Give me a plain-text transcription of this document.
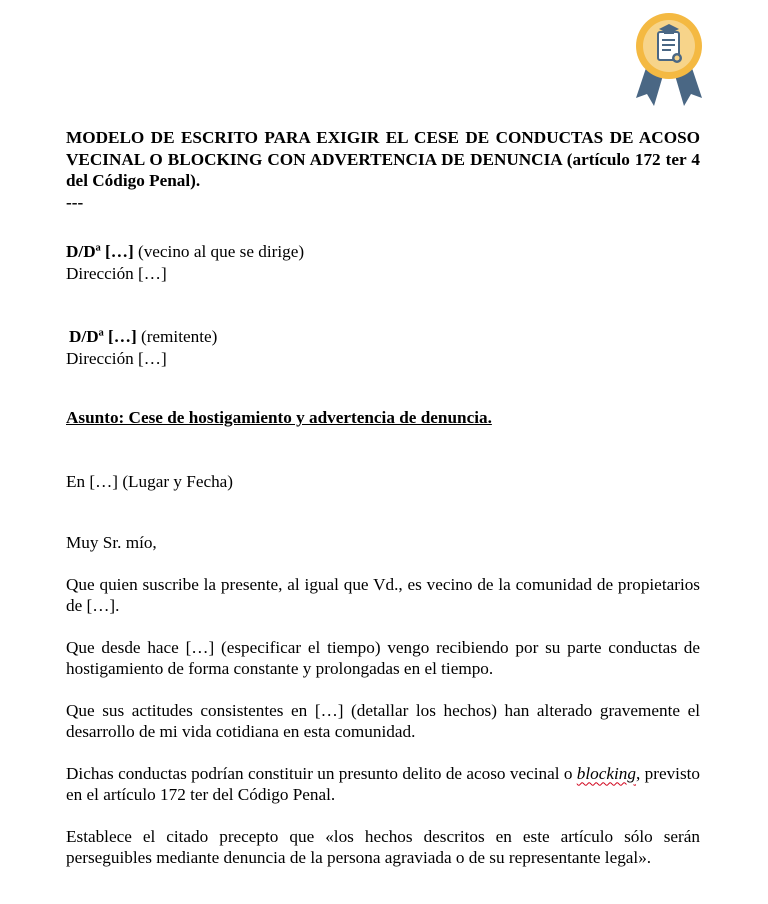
MODELO DE ESCRITO PARA EXIGIR EL CESE DE CONDUCTAS DE ACOSO VECINAL O BLOCKING CON ADVERTENCIA DE DENUNCIA (artículo 172 ter 4 del Código Penal).

---

D/Dª […] (vecino al que se dirige)

Dirección […]

D/Dª […] (remitente)

Dirección […]

Asunto: Cese de hostigamiento y advertencia de denuncia.

En […] (Lugar y Fecha)

Muy Sr. mío,

Que quien suscribe la presente, al igual que Vd., es vecino de la comunidad de propietarios de […].

Que desde hace […] (especificar el tiempo) vengo recibiendo por su parte conductas de hostigamiento de forma constante y prolongadas en el tiempo.

Que sus actitudes consistentes en […] (detallar los hechos) han alterado gravemente el desarrollo de mi vida cotidiana en esta comunidad.

Dichas conductas podrían constituir un presunto delito de acoso vecinal o blocking, previsto en el artículo 172 ter del Código Penal.

Establece el citado precepto que «los hechos descritos en este artículo sólo serán perseguibles mediante denuncia de la persona agraviada o de su representante legal».
